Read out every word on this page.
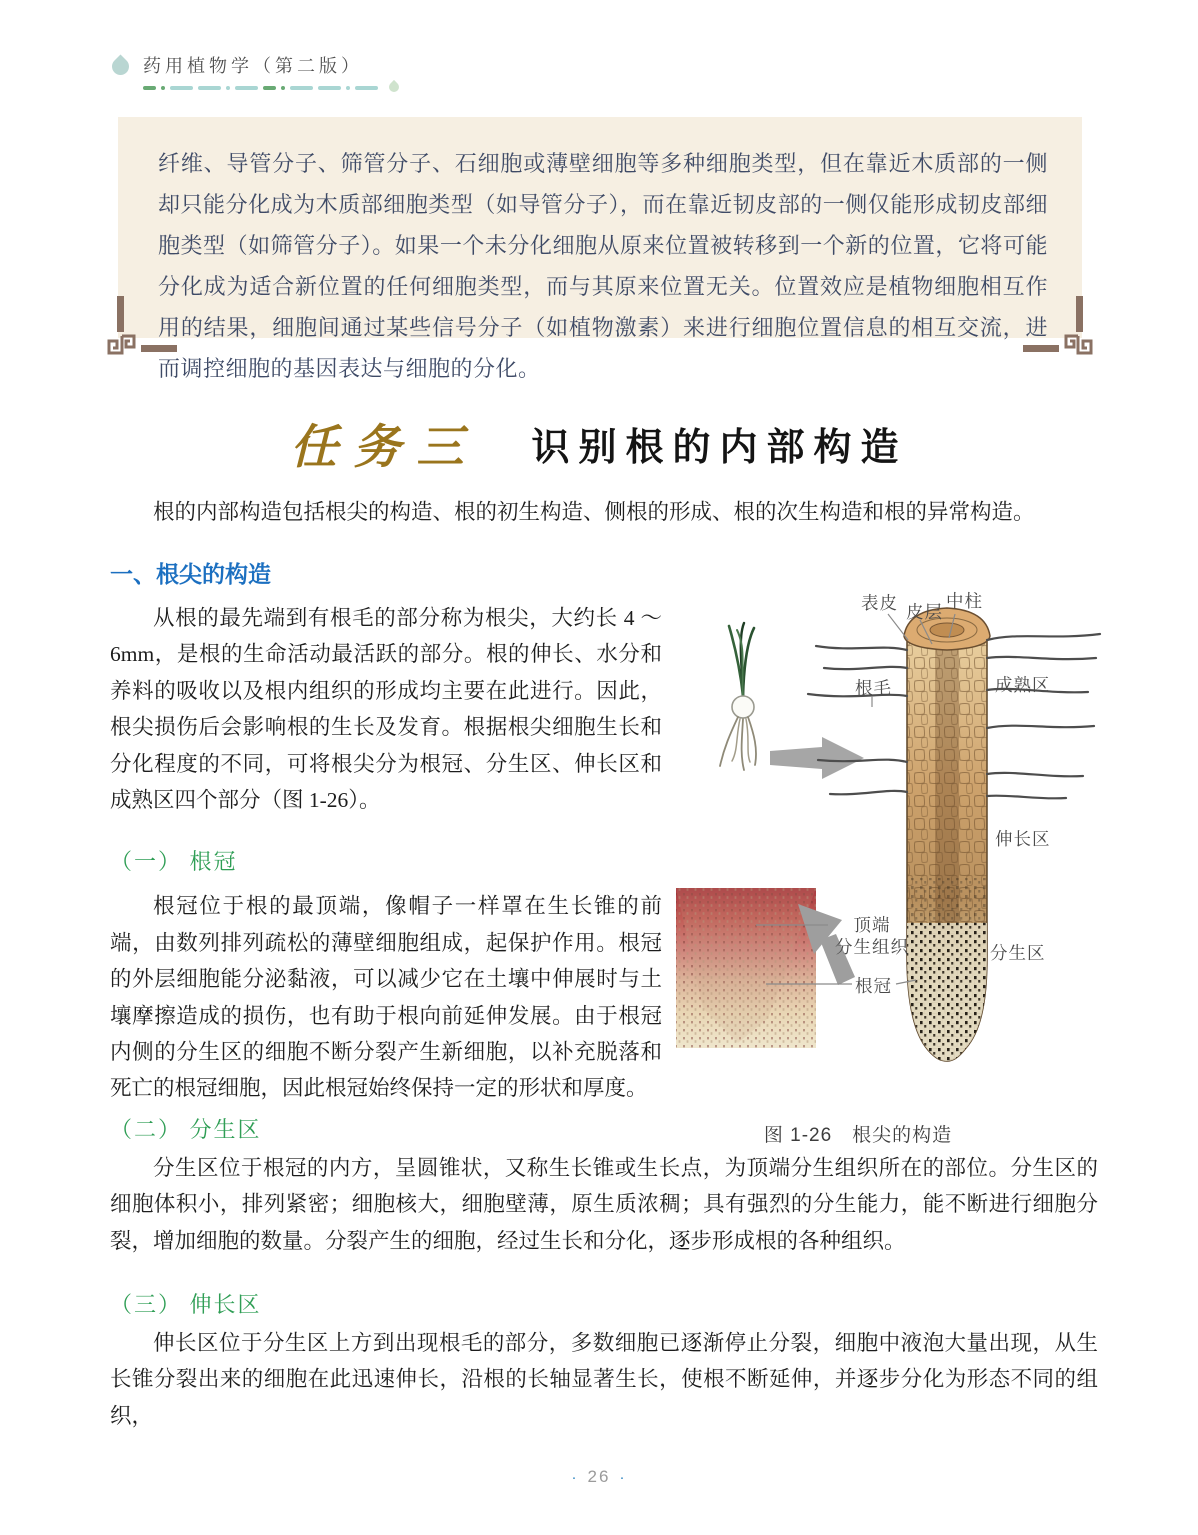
药用植物学（第二版）

纤维、导管分子、筛管分子、石细胞或薄壁细胞等多种细胞类型，但在靠近木质部的一侧却只能分化成为木质部细胞类型（如导管分子），而在靠近韧皮部的一侧仅能形成韧皮部细胞类型（如筛管分子）。如果一个未分化细胞从原来位置被转移到一个新的位置，它将可能分化成为适合新位置的任何细胞类型，而与其原来位置无关。位置效应是植物细胞相互作用的结果，细胞间通过某些信号分子（如植物激素）来进行细胞位置信息的相互交流，进而调控细胞的基因表达与细胞的分化。

任务三 识别根的内部构造

根的内部构造包括根尖的构造、根的初生构造、侧根的形成、根的次生构造和根的异常构造。

一、根尖的构造

从根的最先端到有根毛的部分称为根尖，大约长 4 ～ 6mm，是根的生命活动最活跃的部分。根的伸长、水分和养料的吸收以及根内组织的形成均主要在此进行。因此，根尖损伤后会影响根的生长及发育。根据根尖细胞生长和分化程度的不同，可将根尖分为根冠、分生区、伸长区和成熟区四个部分（图 1-26）。

（一） 根冠

根冠位于根的最顶端，像帽子一样罩在生长锥的前端，由数列排列疏松的薄壁细胞组成，起保护作用。根冠的外层细胞能分泌黏液，可以减少它在土壤中伸展时与土壤摩擦造成的损伤，也有助于根向前延伸发展。由于根冠内侧的分生区的细胞不断分裂产生新细胞，以补充脱落和死亡的根冠细胞，因此根冠始终保持一定的形状和厚度。

表皮 皮层
中柱
根毛	成熟区
伸长区
顶端
分生组织	分生区
根冠
图 1-26　根尖的构造
（二） 分生区

分生区位于根冠的内方，呈圆锥状，又称生长锥或生长点，为顶端分生组织所在的部位。分生区的细胞体积小，排列紧密；细胞核大，细胞壁薄，原生质浓稠；具有强烈的分生能力，能不断进行细胞分裂，增加细胞的数量。分裂产生的细胞，经过生长和分化，逐步形成根的各种组织。

（三） 伸长区

伸长区位于分生区上方到出现根毛的部分，多数细胞已逐渐停止分裂，细胞中液泡大量出现，从生长锥分裂出来的细胞在此迅速伸长，沿根的长轴显著生长，使根不断延伸，并逐步分化为形态不同的组织，

· 26 ·
